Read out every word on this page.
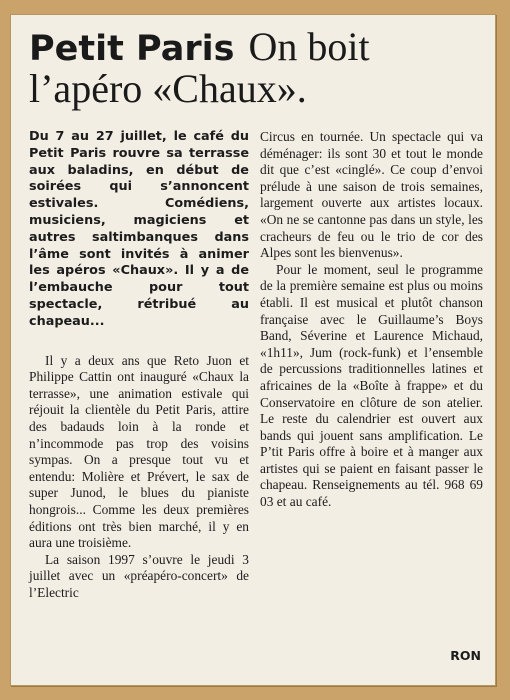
Petit Paris On boit
l’apéro «Chaux».

Du 7 au 27 juillet, le café du Petit Paris rouvre sa terrasse aux baladins, en début de soirées qui s’annoncent estivales. Comédiens, musiciens, magiciens et autres saltimbanques dans l’âme sont invités à animer les apéros «Chaux». Il y a de l’embauche pour tout spectacle, rétribué au chapeau...

Il y a deux ans que Reto Juon et Philippe Cattin ont inauguré «Chaux la terrasse», une animation estivale qui réjouit la clientèle du Petit Paris, attire des badauds loin à la ronde et n’incommode pas trop des voisins sympas. On a presque tout vu et entendu: Molière et Prévert, le sax de super Junod, le blues du pianiste hongrois... Comme les deux premières éditions ont très bien marché, il y en aura une troisième.

La saison 1997 s’ouvre le jeudi 3 juillet avec un «préapéro-concert» de l’Electric

Circus en tournée. Un spectacle qui va déménager: ils sont 30 et tout le monde dit que c’est «cinglé». Ce coup d’envoi prélude à une saison de trois semaines, largement ouverte aux artistes locaux. «On ne se cantonne pas dans un style, les cracheurs de feu ou le trio de cor des Alpes sont les bienvenus».

Pour le moment, seul le programme de la première semaine est plus ou moins établi. Il est musical et plutôt chanson française avec le Guillaume’s Boys Band, Séverine et Laurence Michaud, «1h11», Jum (rock-funk) et l’ensemble de percussions traditionnelles latines et africaines de la «Boîte à frappe» et du Conservatoire en clôture de son atelier. Le reste du calendrier est ouvert aux bands qui jouent sans amplification. Le P’tit Paris offre à boire et à manger aux artistes qui se paient en faisant passer le chapeau. Renseignements au tél. 968 69 03 et au café.

RON
